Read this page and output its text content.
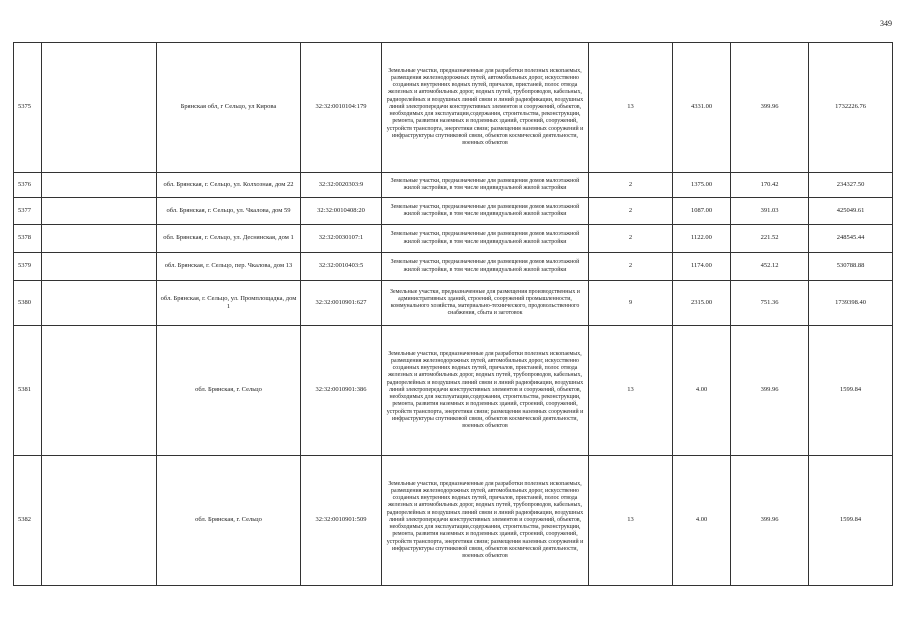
349
5375		Брянская обл, г Сельцо, ул Кирова	32:32:0010104:179	Земельные участки, предназначенные для разработки полезных ископаемых, размещения железнодорожных путей, автомобильных дорог, искусственно созданных внутренних водных путей, причалов, пристаней, полос отвода железных и автомобильных дорог, водных путей, трубопроводов, кабельных, радиорелейных и воздушных линий связи и линий радиофикации, воздушных линий электропередачи конструктивных элементов и сооружений, объектов, необходимых для эксплуатации,содержания, строительства, реконструкции, ремонта, развития наземных и подземных зданий, строений, сооружений, устройств транспорта, энергетики связи; размещения наземных сооружений и инфраструктуры спутниковой связи, объектов космической деятельности, военных объектов	13	4331.00	399.96	1732226.76
5376		обл. Брянская, г. Сельцо, ул. Колхозная, дом 22	32:32:0020303:9	Земельные участки, предназначенные для размещения домов малоэтажной жилой застройки, в том числе индивидуальной жилой застройки	2	1375.00	170.42	234327.50
5377		обл. Брянская, г. Сельцо, ул. Чкалова, дом 59	32:32:0010408:20	Земельные участки, предназначенные для размещения домов малоэтажной жилой застройки, в том числе индивидуальной жилой застройки	2	1087.00	391.03	425049.61
5378		обл. Брянская, г. Сельцо, ул. Деснянская, дом 1	32:32:0030107:1	Земельные участки, предназначенные для размещения домов малоэтажной жилой застройки, в том числе индивидуальной жилой застройки	2	1122.00	221.52	248545.44
5379		обл. Брянская, г. Сельцо, пер. Чкалова, дом 13	32:32:0010403:5	Земельные участки, предназначенные для размещения домов малоэтажной жилой застройки, в том числе индивидуальной жилой застройки	2	1174.00	452.12	530788.88
5380		обл. Брянская, г. Сельцо, ул. Промплощадка, дом 1	32:32:0010901:627	Земельные участки, предназначенные для размещения производственных и административных зданий, строений, сооружений промышленности, коммунального хозяйства, материально-технического, продовольственного снабжения, сбыта и заготовок	9	2315.00	751.36	1739398.40
5381		обл. Брянская, г. Сельцо	32:32:0010901:386	Земельные участки, предназначенные для разработки полезных ископаемых, размещения железнодорожных путей, автомобильных дорог, искусственно созданных внутренних водных путей, причалов, пристаней, полос отвода железных и автомобильных дорог, водных путей, трубопроводов, кабельных, радиорелейных и воздушных линий связи и линий радиофикации, воздушных линий электропередачи конструктивных элементов и сооружений, объектов, необходимых для эксплуатации,содержания, строительства, реконструкции, ремонта, развития наземных и подземных зданий, строений, сооружений, устройств транспорта, энергетики связи; размещения наземных сооружений и инфраструктуры спутниковой связи, объектов космической деятельности, военных объектов	13	4.00	399.96	1599.84
5382		обл. Брянская, г. Сельцо	32:32:0010901:509	Земельные участки, предназначенные для разработки полезных ископаемых, размещения железнодорожных путей, автомобильных дорог, искусственно созданных внутренних водных путей, причалов, пристаней, полос отвода железных и автомобильных дорог, водных путей, трубопроводов, кабельных, радиорелейных и воздушных линий связи и линий радиофикации, воздушных линий электропередачи конструктивных элементов и сооружений, объектов, необходимых для эксплуатации,содержания, строительства, реконструкции, ремонта, развития наземных и подземных зданий, строений, сооружений, устройств транспорта, энергетики связи; размещения наземных сооружений и инфраструктуры спутниковой связи, объектов космической деятельности, военных объектов	13	4.00	399.96	1599.84
